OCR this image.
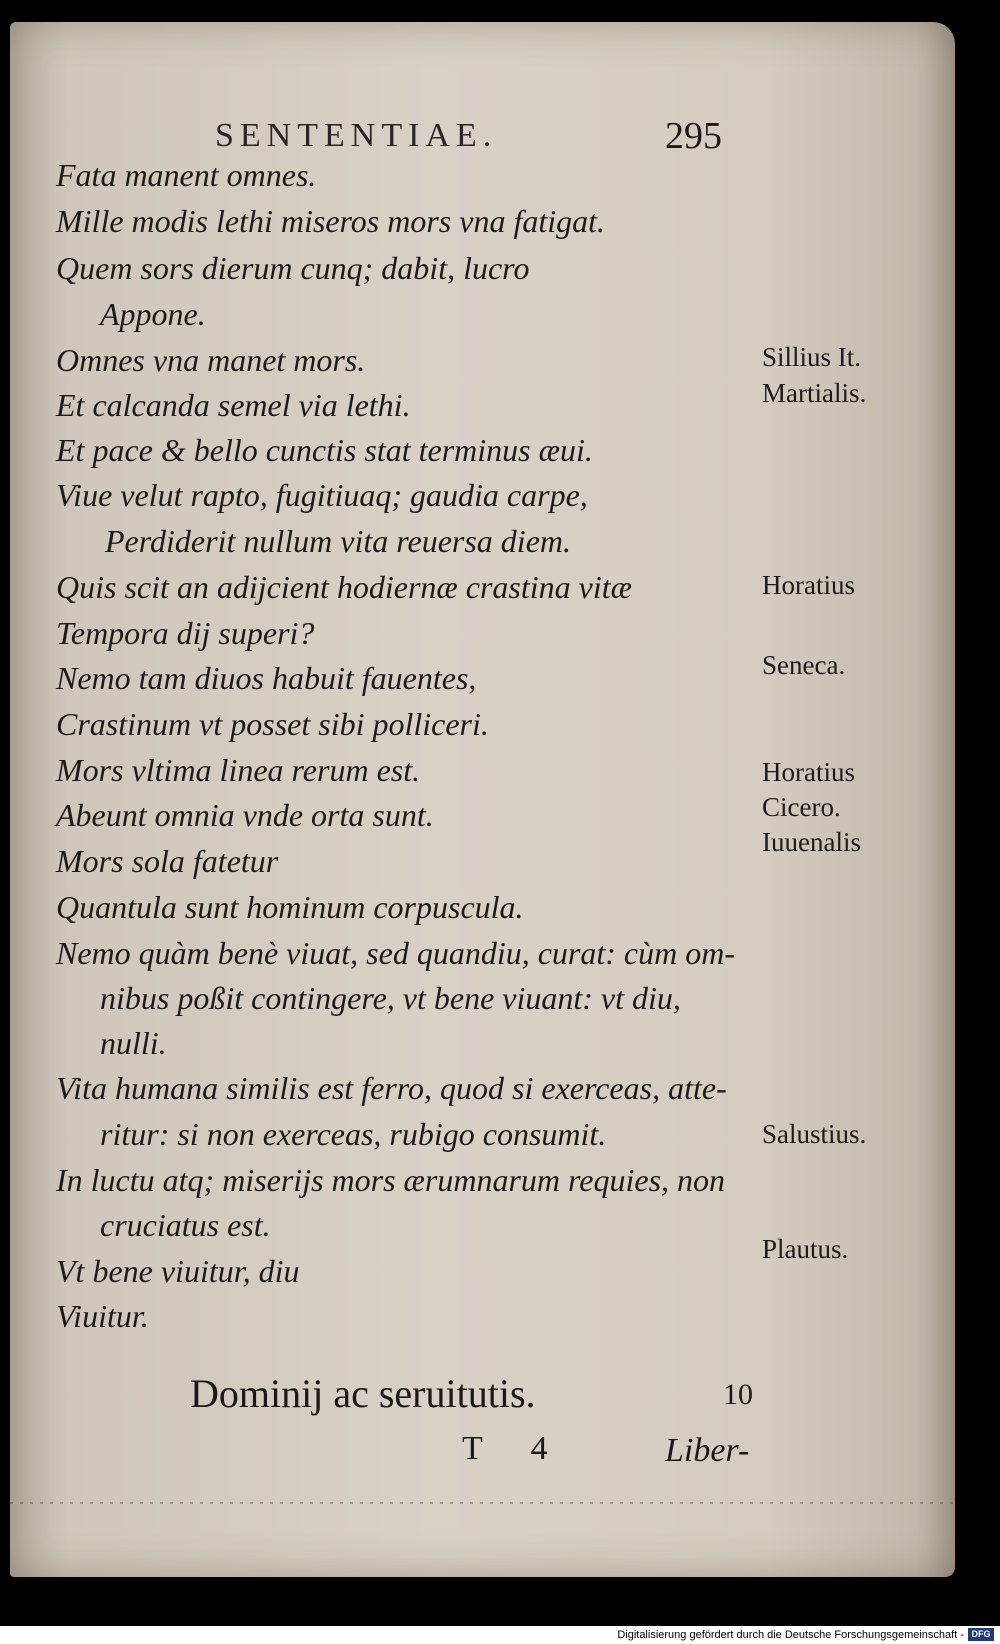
SENTENTIAE.	295
Fata manent omnes.
Mille modis lethi miseros mors vna fatigat.
Quem sors dierum cunq; dabit, lucro
Appone.
Omnes vna manet mors.
Et calcanda semel via lethi.
Et pace & bello cunctis stat terminus æui.
Viue velut rapto, fugitiuaq; gaudia carpe,
Perdiderit nullum vita reuersa diem.
Quis scit an adijcient hodiernæ crastina vitæ
Tempora dij superi?
Nemo tam diuos habuit fauentes,
Crastinum vt posset sibi polliceri.
Mors vltima linea rerum est.
Abeunt omnia vnde orta sunt.
Mors sola fatetur
Quantula sunt hominum corpuscula.
Nemo quàm benè viuat, sed quandiu, curat: cùm om-
nibus poßit contingere, vt bene viuant: vt diu,
nulli.
Vita humana similis est ferro, quod si exerceas, atte-
ritur: si non exerceas, rubigo consumit.
In luctu atq; miserijs mors ærumnarum requies, non
cruciatus est.
Vt bene viuitur, diu
Viuitur.
Sillius It.
Martialis.
Horatius
Seneca.
Horatius
Cicero.
Iuuenalis
Salustius.
Plautus.
Dominij ac seruitutis.	10
T 4	Liber-
Digitalisierung gefördert durch die Deutsche Forschungsgemeinschaft - DFG
